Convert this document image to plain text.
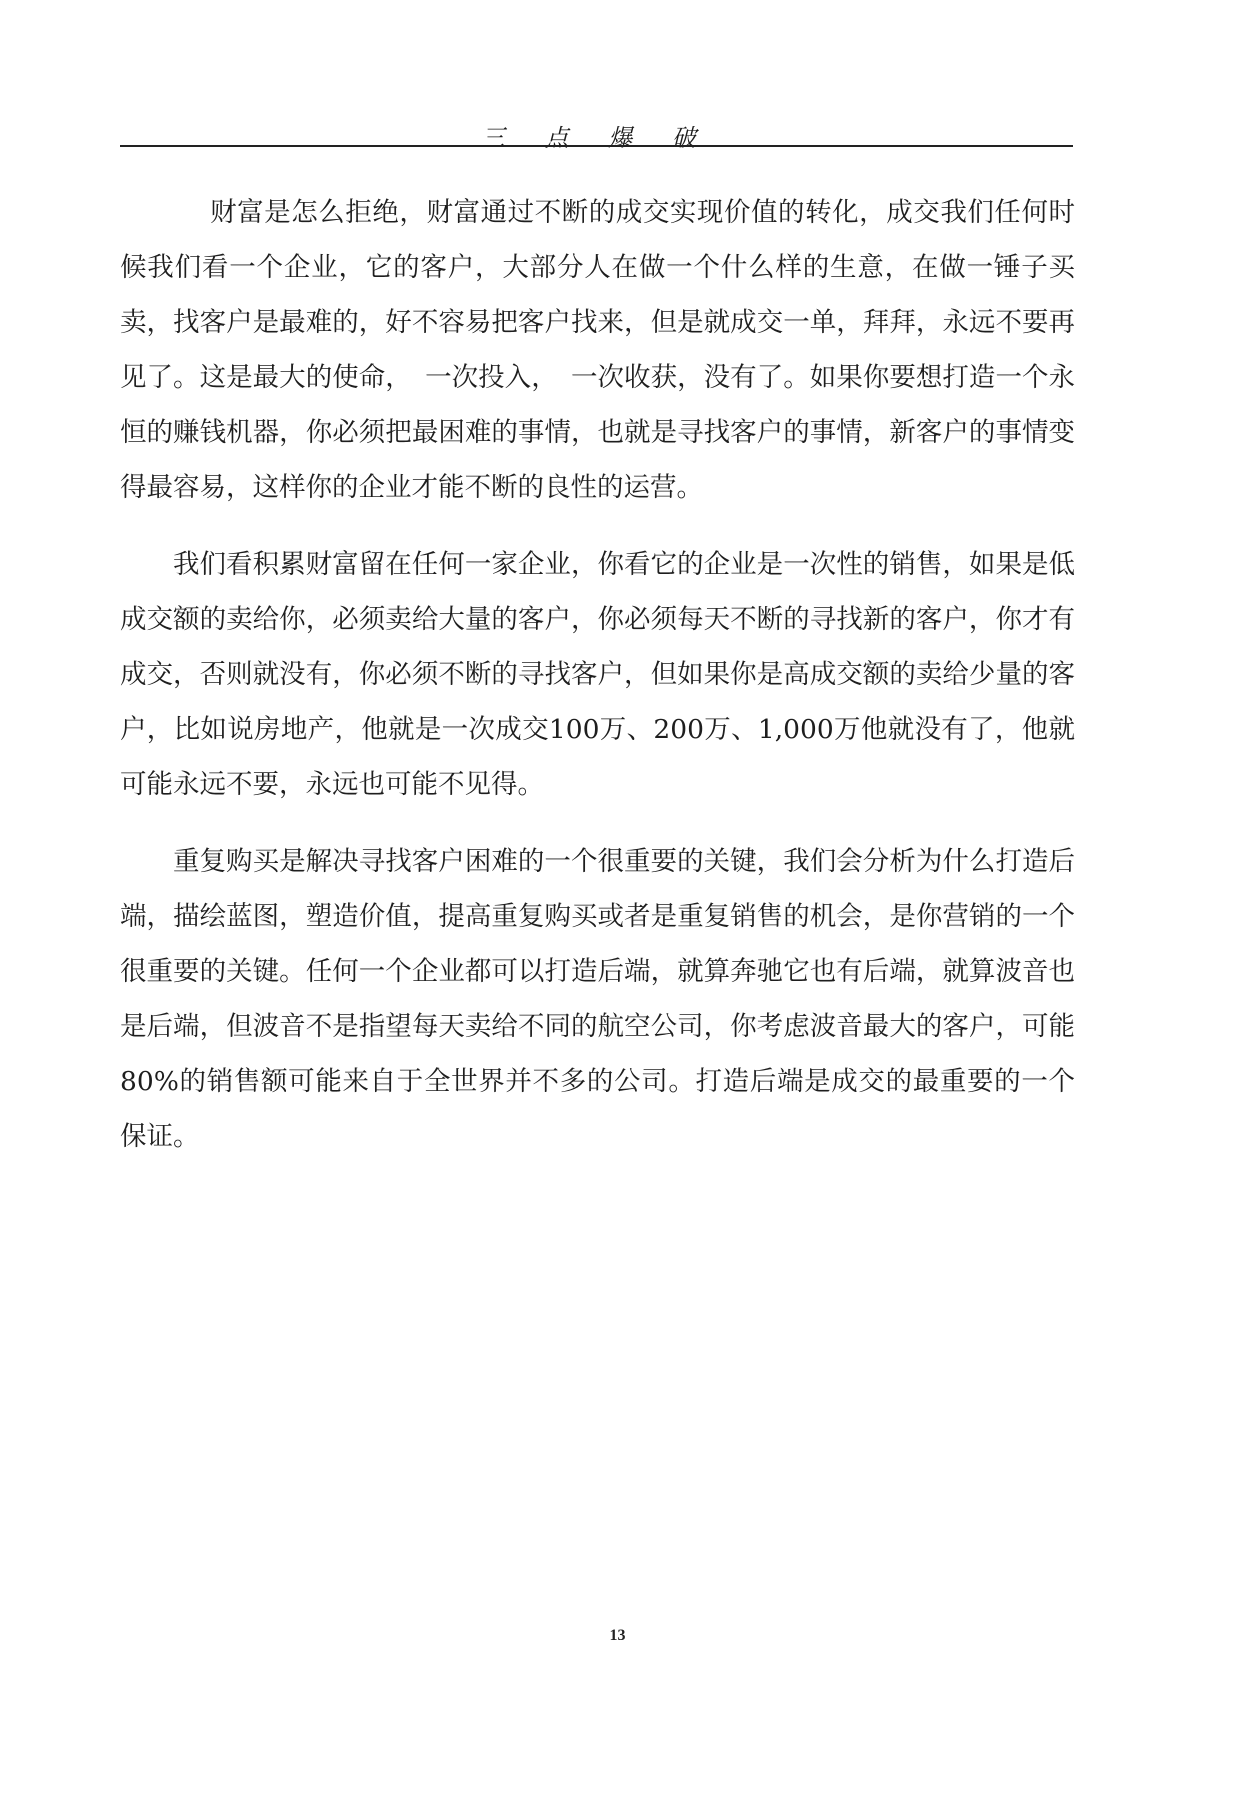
三 点 爆 破

财富是怎么拒绝，财富通过不断的成交实现价值的转化，成交我们任何时候我们看一个企业，它的客户，大部分人在做一个什么样的生意，在做一锤子买卖，找客户是最难的，好不容易把客户找来，但是就成交一单，拜拜，永远不要再见了。这是最大的使命，　一次投入，　一次收获，没有了。如果你要想打造一个永恒的赚钱机器，你必须把最困难的事情，也就是寻找客户的事情，新客户的事情变得最容易，这样你的企业才能不断的良性的运营。

我们看积累财富留在任何一家企业，你看它的企业是一次性的销售，如果是低成交额的卖给你，必须卖给大量的客户，你必须每天不断的寻找新的客户，你才有成交，否则就没有，你必须不断的寻找客户，但如果你是高成交额的卖给少量的客户，比如说房地产，他就是一次成交100万、200万、1,000万他就没有了，他就可能永远不要，永远也可能不见得。

重复购买是解决寻找客户困难的一个很重要的关键，我们会分析为什么打造后端，描绘蓝图，塑造价值，提高重复购买或者是重复销售的机会，是你营销的一个很重要的关键。任何一个企业都可以打造后端，就算奔驰它也有后端，就算波音也是后端，但波音不是指望每天卖给不同的航空公司，你考虑波音最大的客户，可能80%的销售额可能来自于全世界并不多的公司。打造后端是成交的最重要的一个保证。

13
